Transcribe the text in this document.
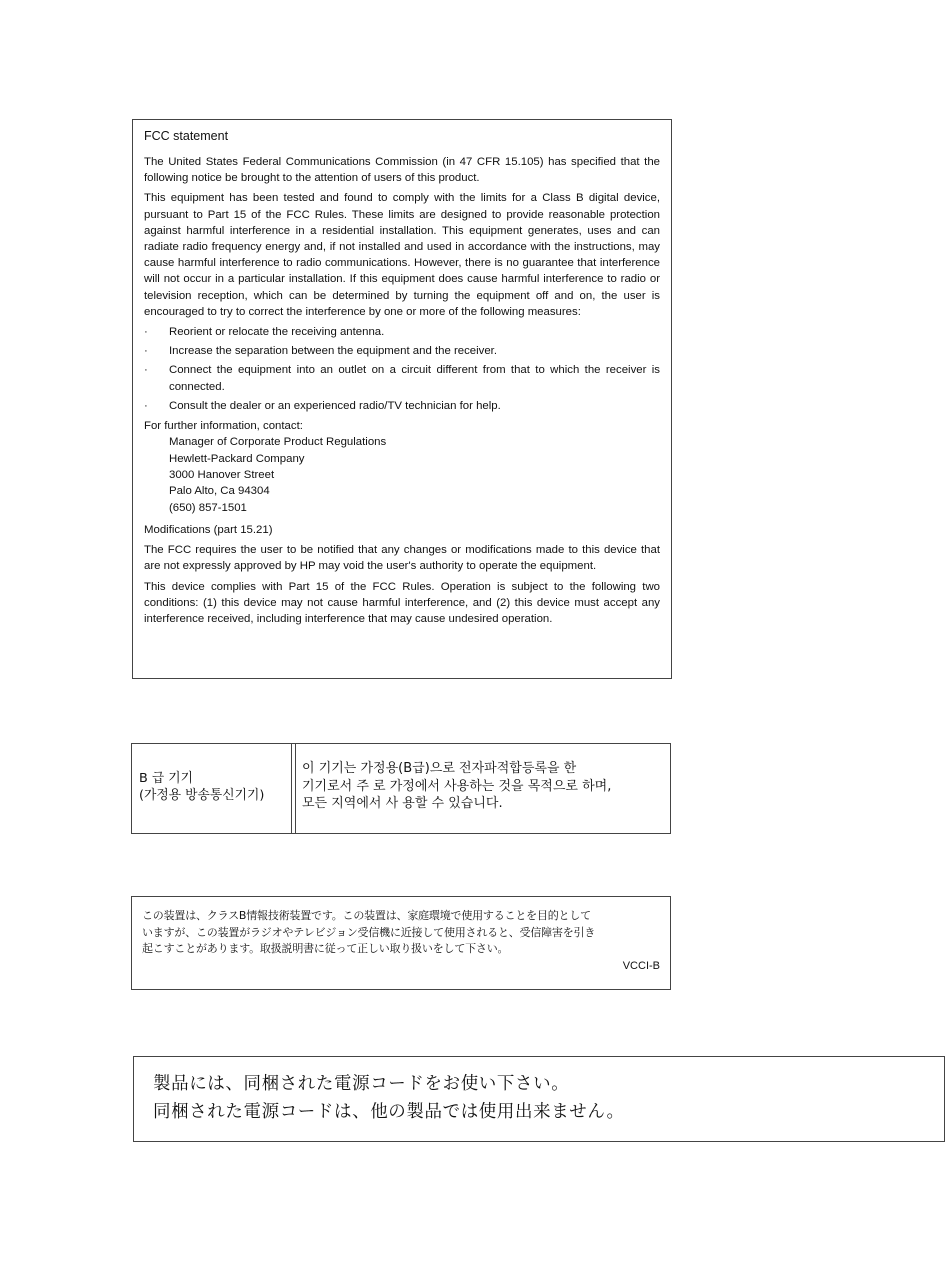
FCC statement

The United States Federal Communications Commission (in 47 CFR 15.105) has specified that the following notice be brought to the attention of users of this product.

This equipment has been tested and found to comply with the limits for a Class B digital device, pursuant to Part 15 of the FCC Rules. These limits are designed to provide reasonable protection against harmful interference in a residential installation. This equipment generates, uses and can radiate radio frequency energy and, if not installed and used in accordance with the instructions, may cause harmful interference to radio communications. However, there is no guarantee that interference will not occur in a particular installation. If this equipment does cause harmful interference to radio or television reception, which can be determined by turning the equipment off and on, the user is encouraged to try to correct the interference by one or more of the following measures:

· Reorient or relocate the receiving antenna.
· Increase the separation between the equipment and the receiver.
· Connect the equipment into an outlet on a circuit different from that to which the receiver is connected.
· Consult the dealer or an experienced radio/TV technician for help.

For further information, contact:

Manager of Corporate Product Regulations
Hewlett-Packard Company
3000 Hanover Street
Palo Alto, Ca 94304
(650) 857-1501
Modifications (part 15.21)

The FCC requires the user to be notified that any changes or modifications made to this device that are not expressly approved by HP may void the user's authority to operate the equipment.

This device complies with Part 15 of the FCC Rules. Operation is subject to the following two conditions: (1) this device may not cause harmful interference, and (2) this device must accept any interference received, including interference that may cause undesired operation.

B 급 기기
(가정용 방송통신기기)
이 기기는 가정용(B급)으로 전자파적합등록을 한
기기로서 주 로 가정에서 사용하는 것을 목적으로 하며,
모든 지역에서 사 용할 수 있습니다.
この装置は、クラスB情報技術装置です。この装置は、家庭環境で使用することを目的として
いますが、この装置がラジオやテレビジョン受信機に近接して使用されると、受信障害を引き
起こすことがあります。取扱説明書に従って正しい取り扱いをして下さい。
VCCI-B
製品には、同梱された電源コードをお使い下さい。
同梱された電源コードは、他の製品では使用出来ません。
